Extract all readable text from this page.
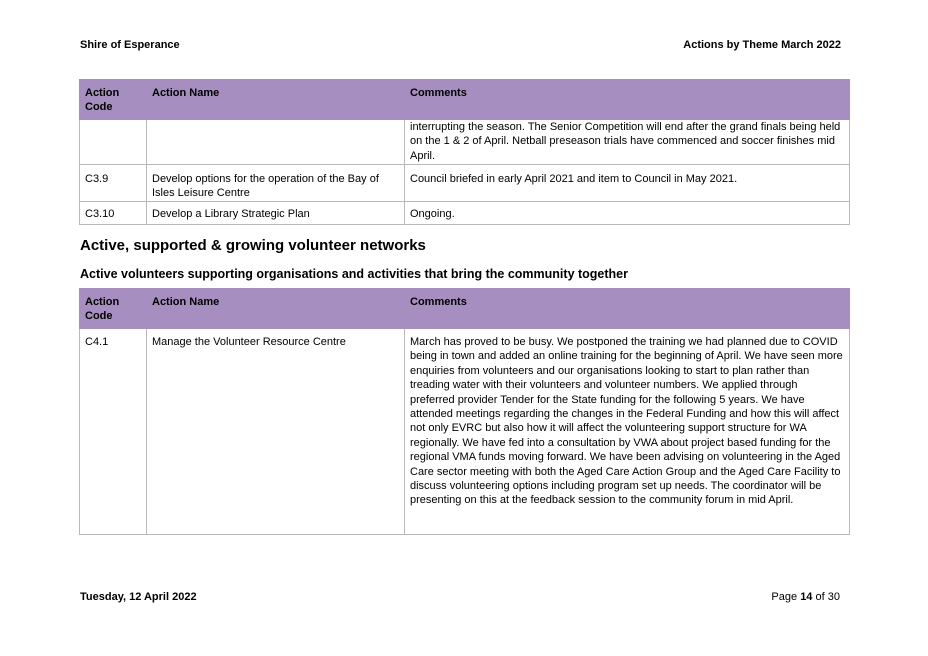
Shire of Esperance	Actions by Theme March 2022
Action Code	Action Name	Comments
		interrupting the season. The Senior Competition will end after the grand finals being held on the 1 & 2 of April. Netball preseason trials have commenced and soccer finishes mid April.
C3.9	Develop options for the operation of the Bay of Isles Leisure Centre	Council briefed in early April 2021 and item to Council in May 2021.
C3.10	Develop a Library Strategic Plan	Ongoing.
Active, supported & growing volunteer networks
Active volunteers supporting organisations and activities that bring the community together
Action Code	Action Name	Comments
C4.1	Manage the Volunteer Resource Centre	March has proved to be busy. We postponed the training we had planned due to COVID being in town and added an online training for the beginning of April. We have seen more enquiries from volunteers and our organisations looking to start to plan rather than treading water with their volunteers and volunteer numbers. We applied through preferred provider Tender for the State funding for the following 5 years. We have attended meetings regarding the changes in the Federal Funding and how this will affect not only EVRC but also how it will affect the volunteering support structure for WA regionally. We have fed into a consultation by VWA about project based funding for the regional VMA funds moving forward. We have been advising on volunteering in the Aged Care sector meeting with both the Aged Care Action Group and the Aged Care Facility to discuss volunteering options including program set up needs. The coordinator will be presenting on this at the feedback session to the community forum in mid April.
Tuesday, 12 April 2022	Page 14 of 30
